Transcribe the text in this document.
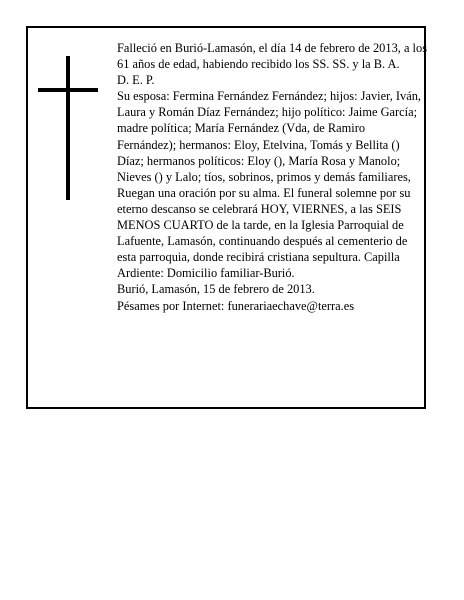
Falleció en Burió-Lamasón, el día 14 de febrero de 2013, a los 61 años de edad, habiendo recibido los SS. SS. y la B. A.

D. E. P.

Su esposa: Fermina Fernández Fernández; hijos: Javier, Iván, Laura y Román Díaz Fernández; hijo político: Jaime García; madre política; María Fernández (Vda, de Ramiro Fernández); hermanos: Eloy, Etelvina, Tomás y Bellita () Díaz; hermanos políticos: Eloy (), María Rosa y Manolo; Nieves () y Lalo; tíos, sobrinos, primos y demás familiares,

Ruegan una oración por su alma. El funeral solemne por su eterno descanso se celebrará HOY, VIERNES, a las SEIS MENOS CUARTO de la tarde, en la Iglesia Parroquial de Lafuente, Lamasón, continuando después al cementerio de esta parroquia, donde recibirá cristiana sepultura. Capilla Ardiente: Domicilio familiar-Burió.

Burió, Lamasón, 15 de febrero de 2013.

Pésames por Internet: funerariaechave@terra.es
